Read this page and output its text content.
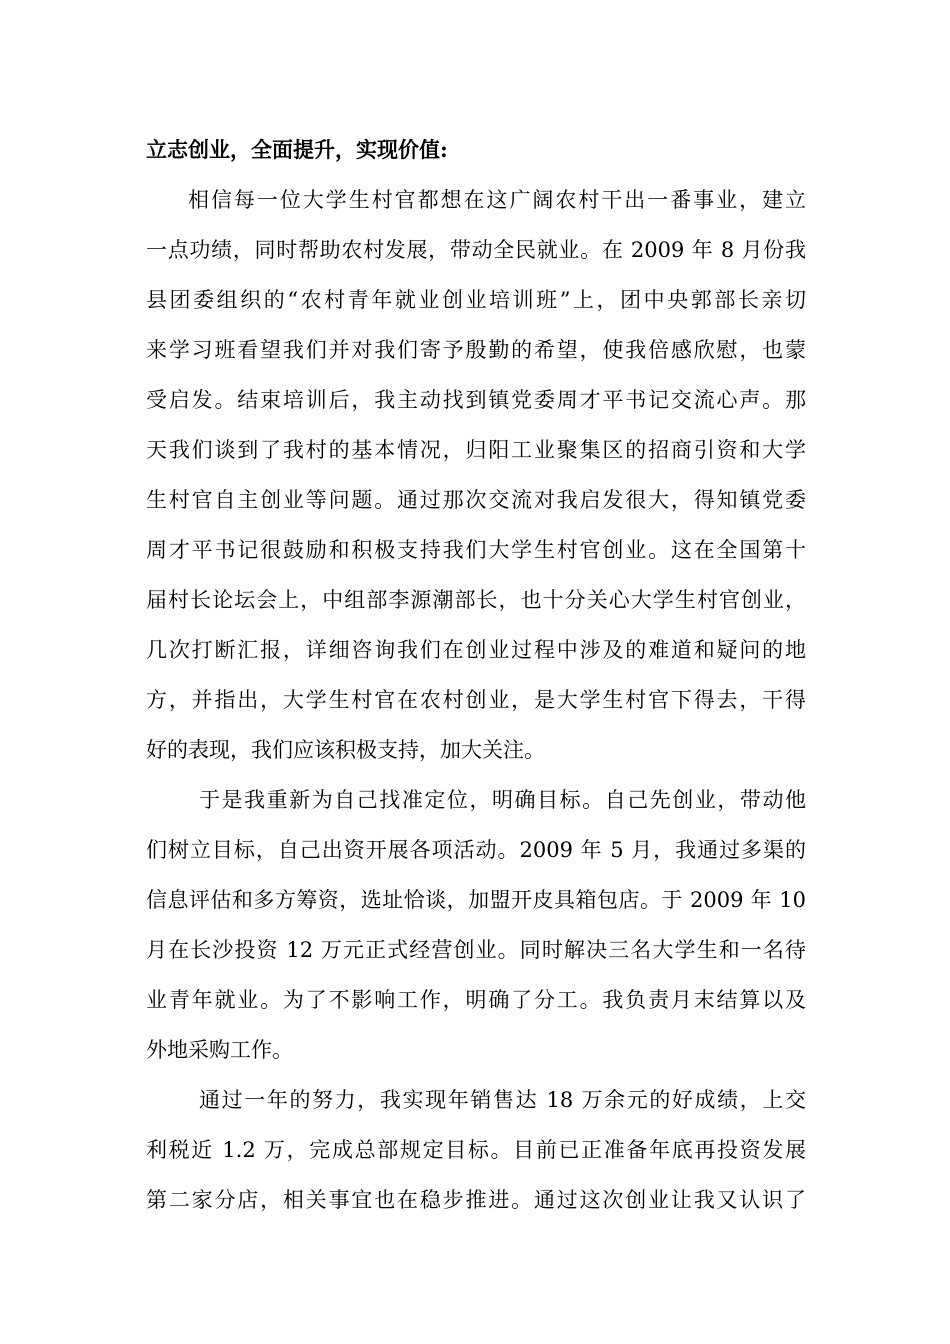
立志创业，全面提升，实现价值:
相信每一位大学生村官都想在这广阔农村干出一番事业，建立
一点功绩，同时帮助农村发展，带动全民就业。在 2009 年 8 月份我
县团委组织的“农村青年就业创业培训班”上，团中央郭部长亲切
来学习班看望我们并对我们寄予殷勤的希望，使我倍感欣慰，也蒙
受启发。结束培训后，我主动找到镇党委周才平书记交流心声。那
天我们谈到了我村的基本情况，归阳工业聚集区的招商引资和大学
生村官自主创业等问题。通过那次交流对我启发很大，得知镇党委
周才平书记很鼓励和积极支持我们大学生村官创业。这在全国第十
届村长论坛会上，中组部李源潮部长，也十分关心大学生村官创业，
几次打断汇报，详细咨询我们在创业过程中涉及的难道和疑问的地
方，并指出，大学生村官在农村创业，是大学生村官下得去，干得
好的表现，我们应该积极支持，加大关注。
于是我重新为自己找准定位，明确目标。自己先创业，带动他
们树立目标，自己出资开展各项活动。2009 年 5 月，我通过多渠的
信息评估和多方筹资，选址恰谈，加盟开皮具箱包店。于 2009 年 10
月在长沙投资 12 万元正式经营创业。同时解决三名大学生和一名待
业青年就业。为了不影响工作，明确了分工。我负责月末结算以及
外地采购工作。
通过一年的努力，我实现年销售达 18 万余元的好成绩，上交
利税近 1.2 万，完成总部规定目标。目前已正准备年底再投资发展
第二家分店，相关事宜也在稳步推进。通过这次创业让我又认识了
